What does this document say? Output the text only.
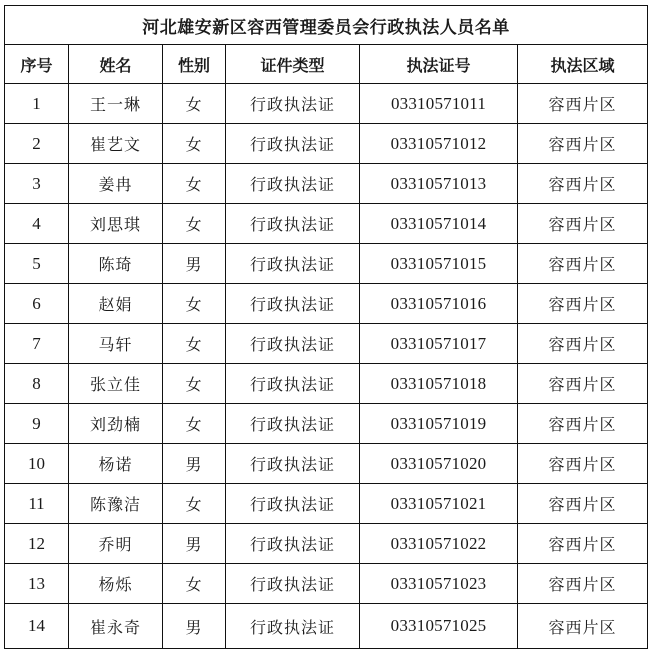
河北雄安新区容西管理委员会行政执法人员名单					
序号	姓名	性别	证件类型	执法证号	执法区域
1	王一琳	女	行政执法证	03310571011	容西片区
2	崔艺文	女	行政执法证	03310571012	容西片区
3	姜冉	女	行政执法证	03310571013	容西片区
4	刘思琪	女	行政执法证	03310571014	容西片区
5	陈琦	男	行政执法证	03310571015	容西片区
6	赵娟	女	行政执法证	03310571016	容西片区
7	马轩	女	行政执法证	03310571017	容西片区
8	张立佳	女	行政执法证	03310571018	容西片区
9	刘劲楠	女	行政执法证	03310571019	容西片区
10	杨诺	男	行政执法证	03310571020	容西片区
11	陈豫洁	女	行政执法证	03310571021	容西片区
12	乔明	男	行政执法证	03310571022	容西片区
13	杨烁	女	行政执法证	03310571023	容西片区
14	崔永奇	男	行政执法证	03310571025	容西片区
